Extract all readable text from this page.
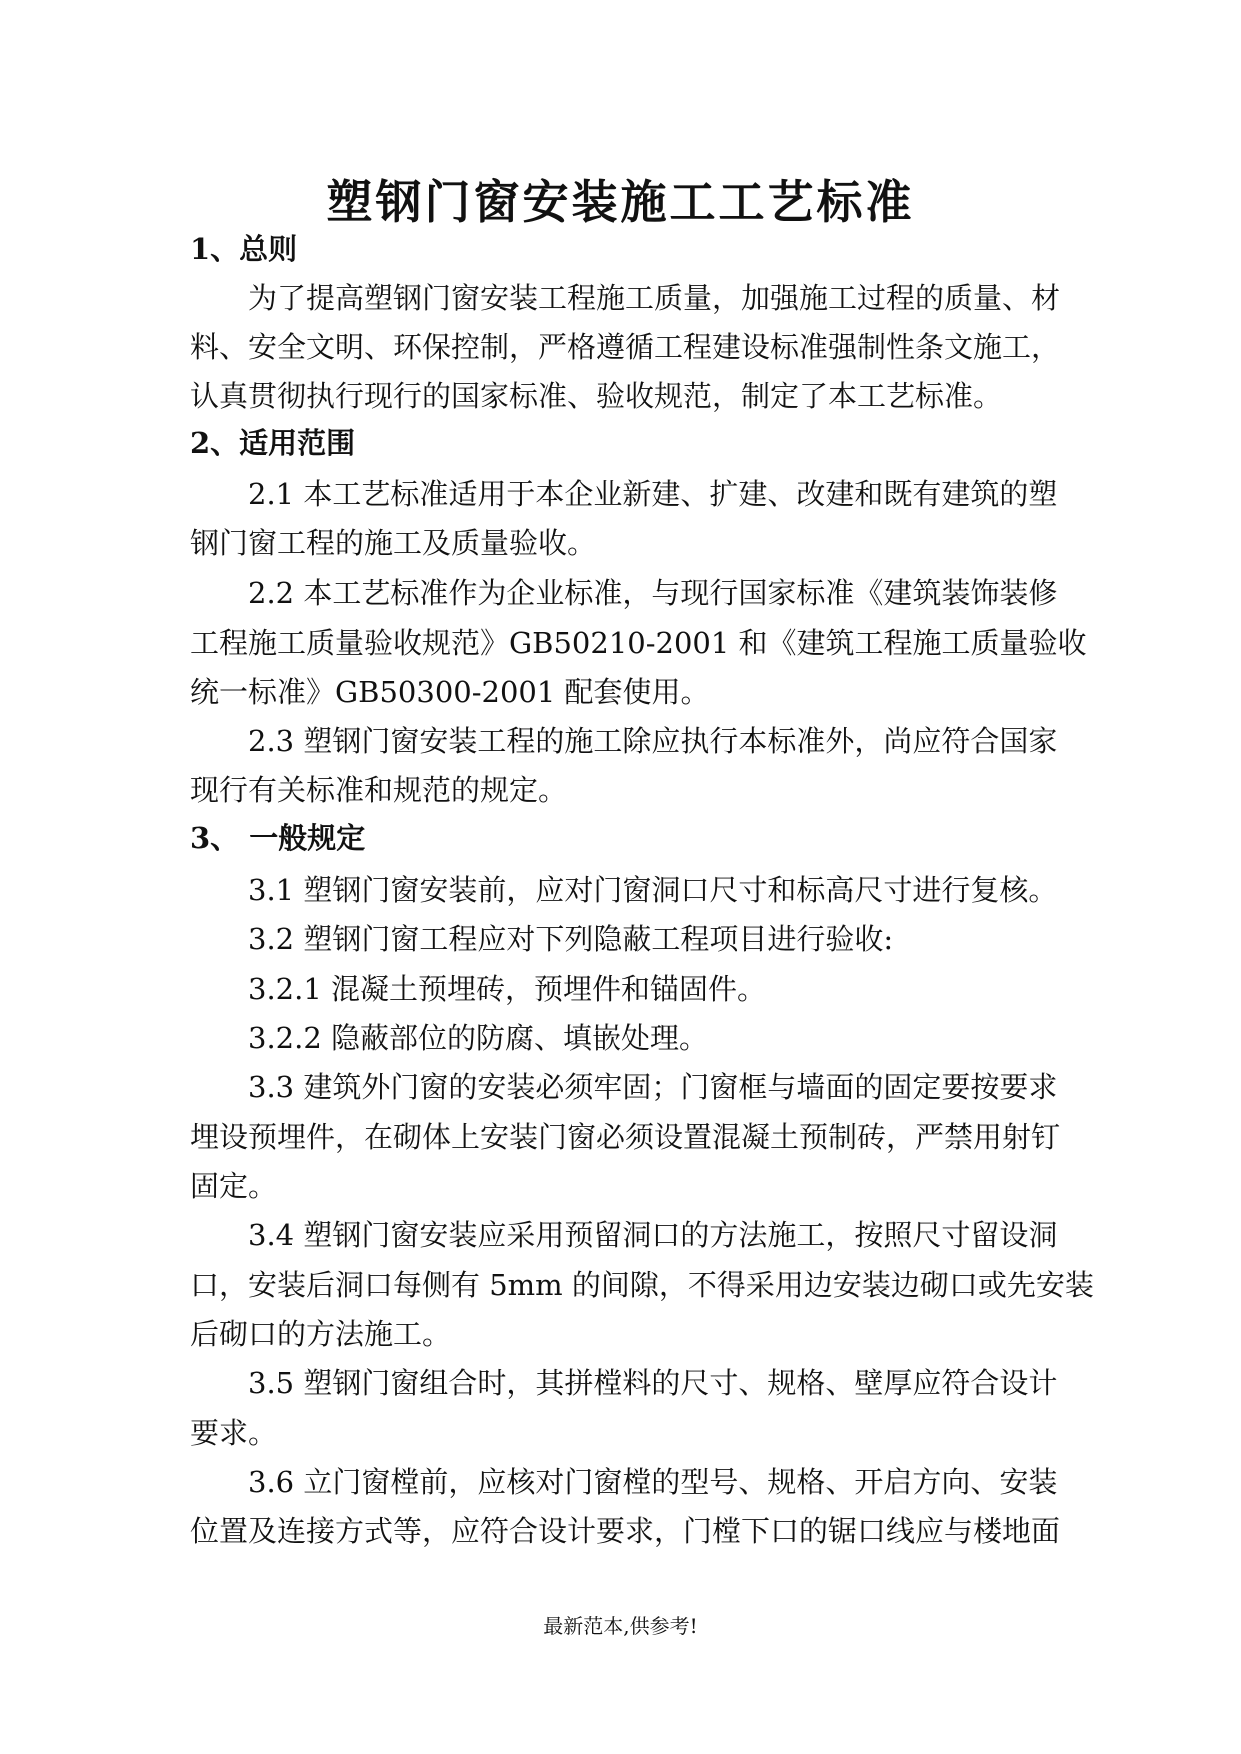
塑钢门窗安装施工工艺标准
1、总则
为了提高塑钢门窗安装工程施工质量，加强施工过程的质量、材
料、安全文明、环保控制，严格遵循工程建设标准强制性条文施工，
认真贯彻执行现行的国家标准、验收规范，制定了本工艺标准。
2、适用范围
2.1 本工艺标准适用于本企业新建、扩建、改建和既有建筑的塑
钢门窗工程的施工及质量验收。
2.2 本工艺标准作为企业标准，与现行国家标准《建筑装饰装修
工程施工质量验收规范》GB50210-2001 和《建筑工程施工质量验收
统一标准》GB50300-2001 配套使用。
2.3 塑钢门窗安装工程的施工除应执行本标准外，尚应符合国家
现行有关标准和规范的规定。
3、 一般规定
3.1 塑钢门窗安装前，应对门窗洞口尺寸和标高尺寸进行复核。
3.2 塑钢门窗工程应对下列隐蔽工程项目进行验收:
3.2.1 混凝土预埋砖，预埋件和锚固件。
3.2.2 隐蔽部位的防腐、填嵌处理。
3.3 建筑外门窗的安装必须牢固；门窗框与墙面的固定要按要求
埋设预埋件，在砌体上安装门窗必须设置混凝土预制砖，严禁用射钉
固定。
3.4 塑钢门窗安装应采用预留洞口的方法施工，按照尺寸留设洞
口，安装后洞口每侧有 5mm 的间隙，不得采用边安装边砌口或先安装
后砌口的方法施工。
3.5 塑钢门窗组合时，其拼樘料的尺寸、规格、壁厚应符合设计
要求。
3.6 立门窗樘前，应核对门窗樘的型号、规格、开启方向、安装
位置及连接方式等，应符合设计要求，门樘下口的锯口线应与楼地面
最新范本,供参考!
